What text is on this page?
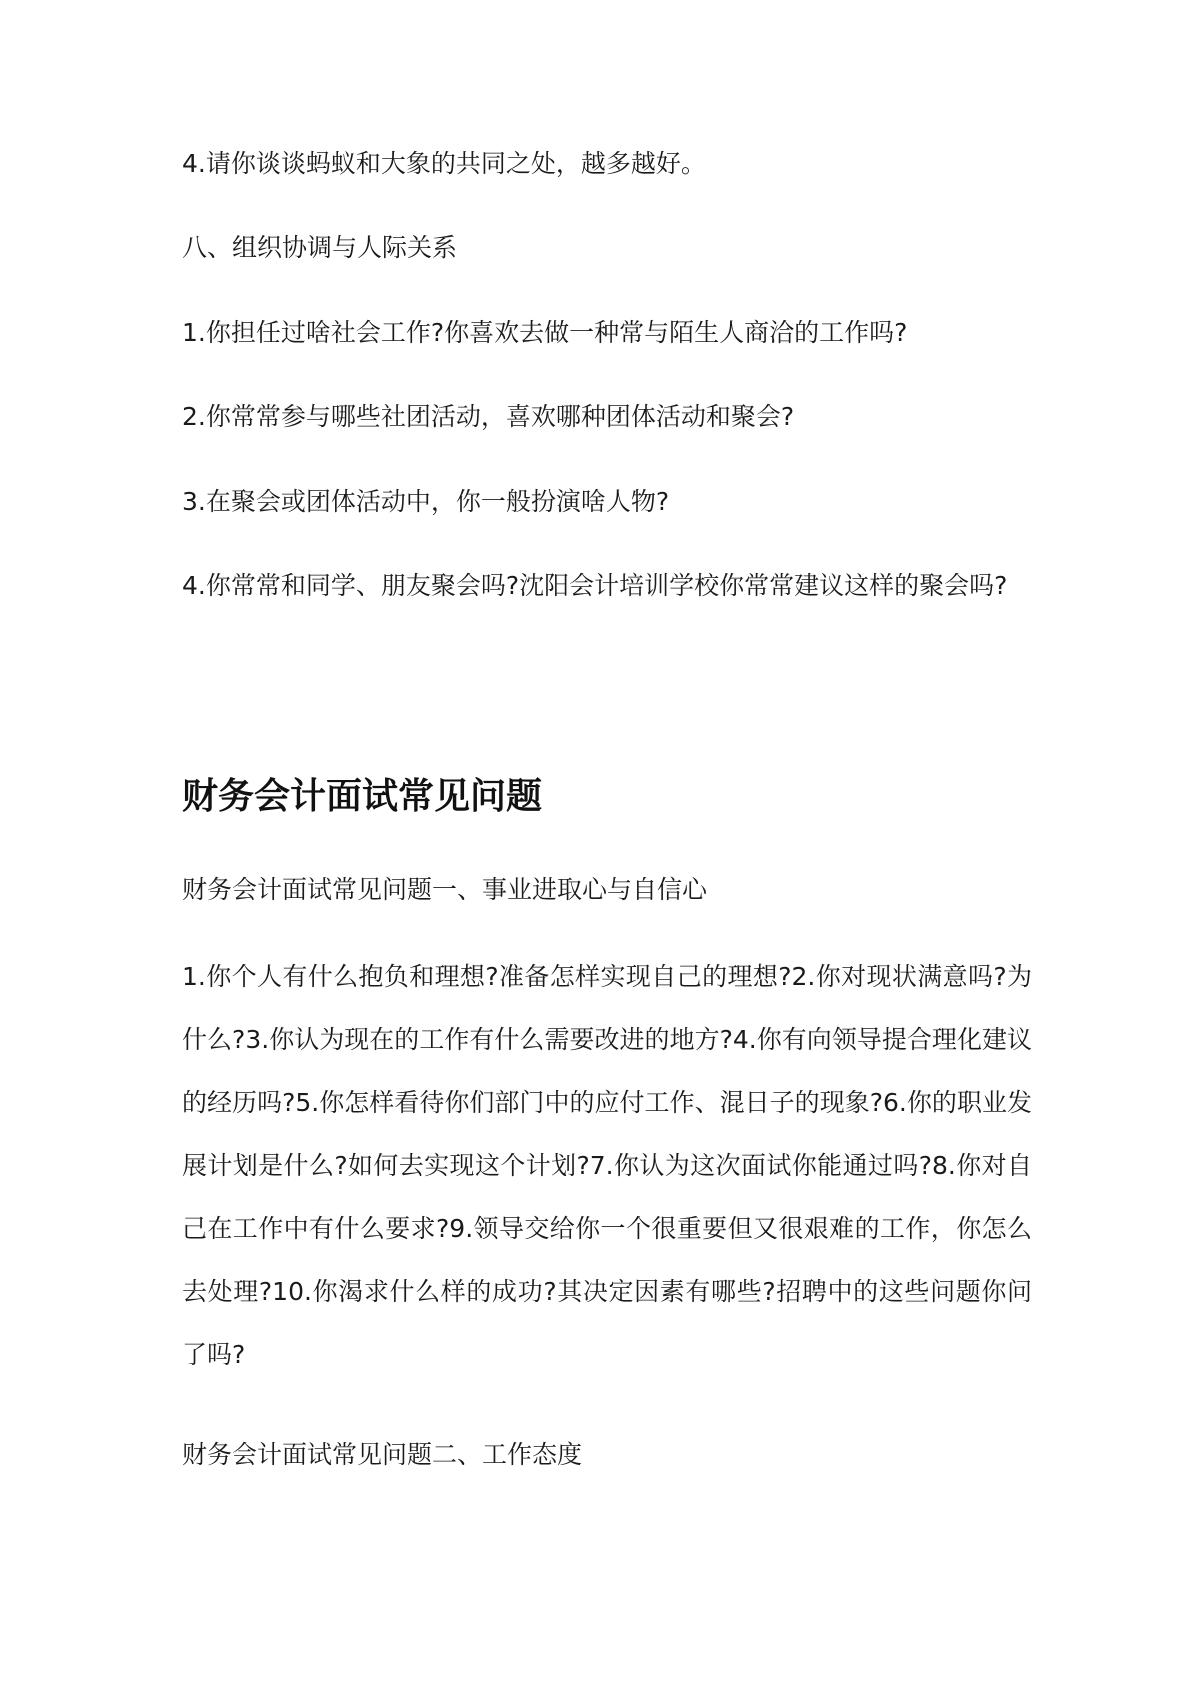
4.请你谈谈蚂蚁和大象的共同之处，越多越好。

八、组织协调与人际关系

1.你担任过啥社会工作?你喜欢去做一种常与陌生人商洽的工作吗?

2.你常常参与哪些社团活动，喜欢哪种团体活动和聚会?

3.在聚会或团体活动中，你一般扮演啥人物?

4.你常常和同学、朋友聚会吗?沈阳会计培训学校你常常建议这样的聚会吗?

财务会计面试常见问题

财务会计面试常见问题一、事业进取心与自信心

1.你个人有什么抱负和理想?准备怎样实现自己的理想?2.你对现状满意吗?为什么?3.你认为现在的工作有什么需要改进的地方?4.你有向领导提合理化建议的经历吗?5.你怎样看待你们部门中的应付工作、混日子的现象?6.你的职业发展计划是什么?如何去实现这个计划?7.你认为这次面试你能通过吗?8.你对自己在工作中有什么要求?9.领导交给你一个很重要但又很艰难的工作，你怎么去处理?10.你渴求什么样的成功?其决定因素有哪些?招聘中的这些问题你问了吗?

财务会计面试常见问题二、工作态度
